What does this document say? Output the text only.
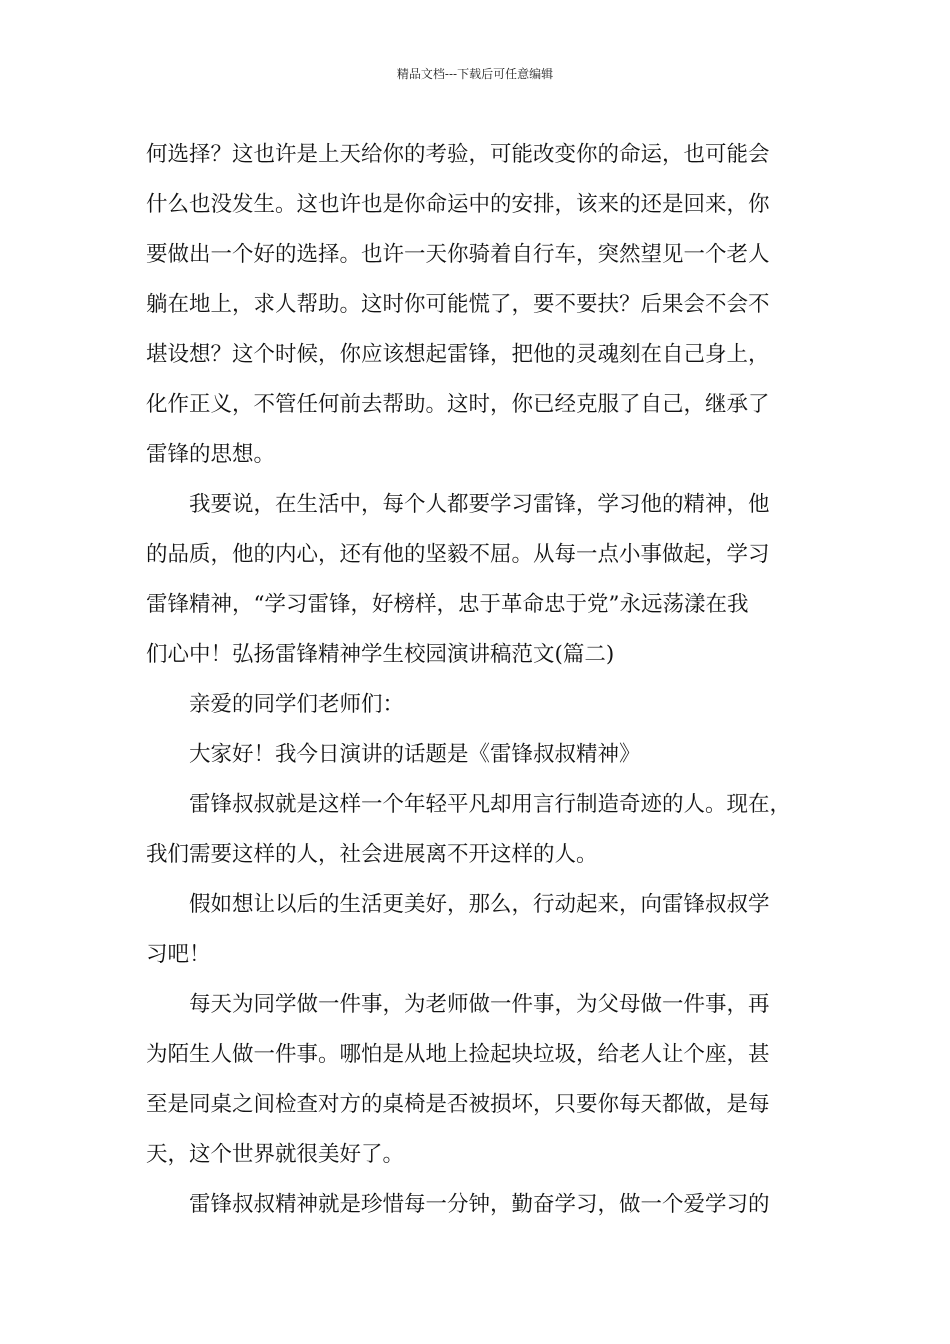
精品文档---下载后可任意编辑
何选择？这也许是上天给你的考验，可能改变你的命运，也可能会
什么也没发生。这也许也是你命运中的安排，该来的还是回来，你
要做出一个好的选择。也许一天你骑着自行车，突然望见一个老人
躺在地上，求人帮助。这时你可能慌了，要不要扶？后果会不会不
堪设想？这个时候，你应该想起雷锋，把他的灵魂刻在自己身上，
化作正义，不管任何前去帮助。这时，你已经克服了自己，继承了
雷锋的思想。
我要说，在生活中，每个人都要学习雷锋，学习他的精神，他
的品质，他的内心，还有他的坚毅不屈。从每一点小事做起，学习
雷锋精神，“学习雷锋，好榜样，忠于革命忠于党”永远荡漾在我
们心中！弘扬雷锋精神学生校园演讲稿范文(篇二)
亲爱的同学们老师们：
大家好！我今日演讲的话题是《雷锋叔叔精神》
雷锋叔叔就是这样一个年轻平凡却用言行制造奇迹的人。现在，
我们需要这样的人，社会进展离不开这样的人。
假如想让以后的生活更美好，那么，行动起来，向雷锋叔叔学
习吧！
每天为同学做一件事，为老师做一件事，为父母做一件事，再
为陌生人做一件事。哪怕是从地上捡起块垃圾，给老人让个座，甚
至是同桌之间检查对方的桌椅是否被损坏，只要你每天都做，是每
天，这个世界就很美好了。
雷锋叔叔精神就是珍惜每一分钟，勤奋学习，做一个爱学习的
